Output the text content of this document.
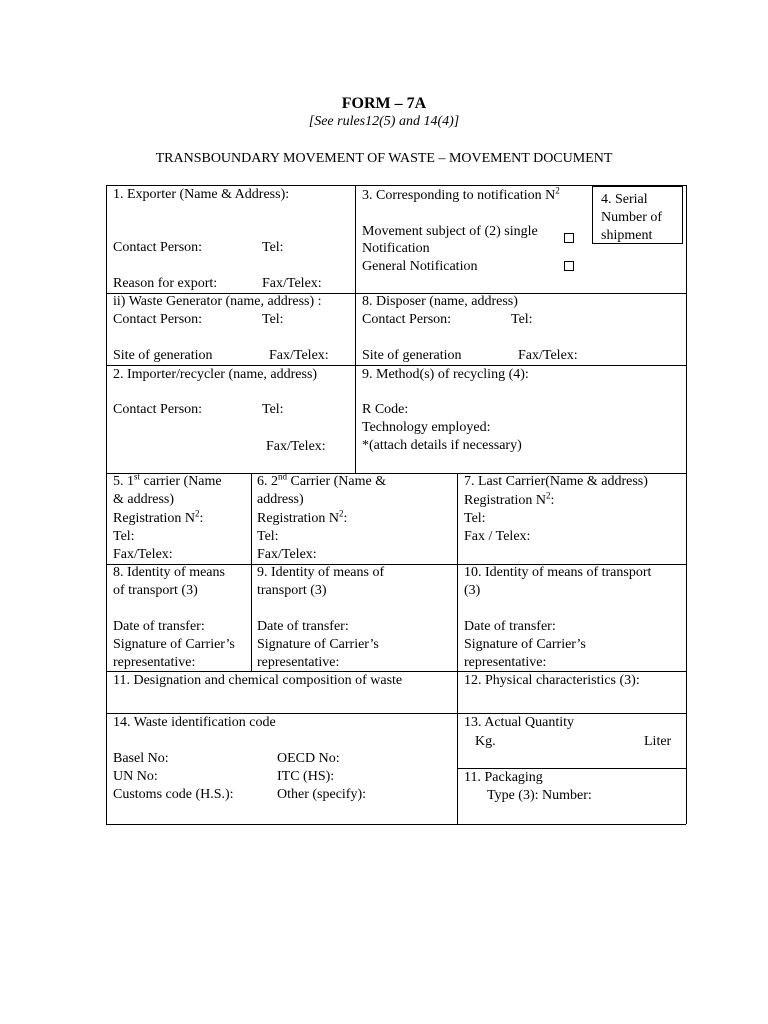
FORM – 7A
[See rules12(5) and 14(4)]
TRANSBOUNDARY MOVEMENT OF WASTE – MOVEMENT DOCUMENT
4. Serial
Number of
shipment
1. Exporter (Name & Address):
Contact Person:	Tel:
Reason for export:	Fax/Telex:
3. Corresponding to notification $N^2$
Movement subject of (2) single
Notification
General Notification
ii) Waste Generator (name, address) :
Contact Person:	Tel:
Site of generation	Fax/Telex:
8. Disposer (name, address)
Contact Person:	Tel:
Site of generation	Fax/Telex:
2. Importer/recycler (name, address)
Contact Person:	Tel:
Fax/Telex:
9. Method(s) of recycling (4):
R Code:
Technology employed:
*(attach details if necessary)
5. 1st carrier (Name
& address)
Registration $N^2$:
Tel:
Fax/Telex:
6. 2nd Carrier (Name &
address)
Registration $N^2$:
Tel:
Fax/Telex:
7. Last Carrier(Name & address)
Registration $N^2$:
Tel:
Fax / Telex:
8. Identity of means
of transport (3)
Date of transfer:
Signature of Carrier’s
representative:
9. Identity of means of
transport (3)
Date of transfer:
Signature of Carrier’s
representative:
10. Identity of means of transport
(3)
Date of transfer:
Signature of Carrier’s
representative:
11. Designation and chemical composition of waste	12. Physical characteristics (3):
14. Waste identification code
Basel No:	OECD No:
UN No:	ITC (HS):
Customs code (H.S.):	Other (specify):
13. Actual Quantity
Kg.	Liter
11. Packaging
Type (3): Number:
